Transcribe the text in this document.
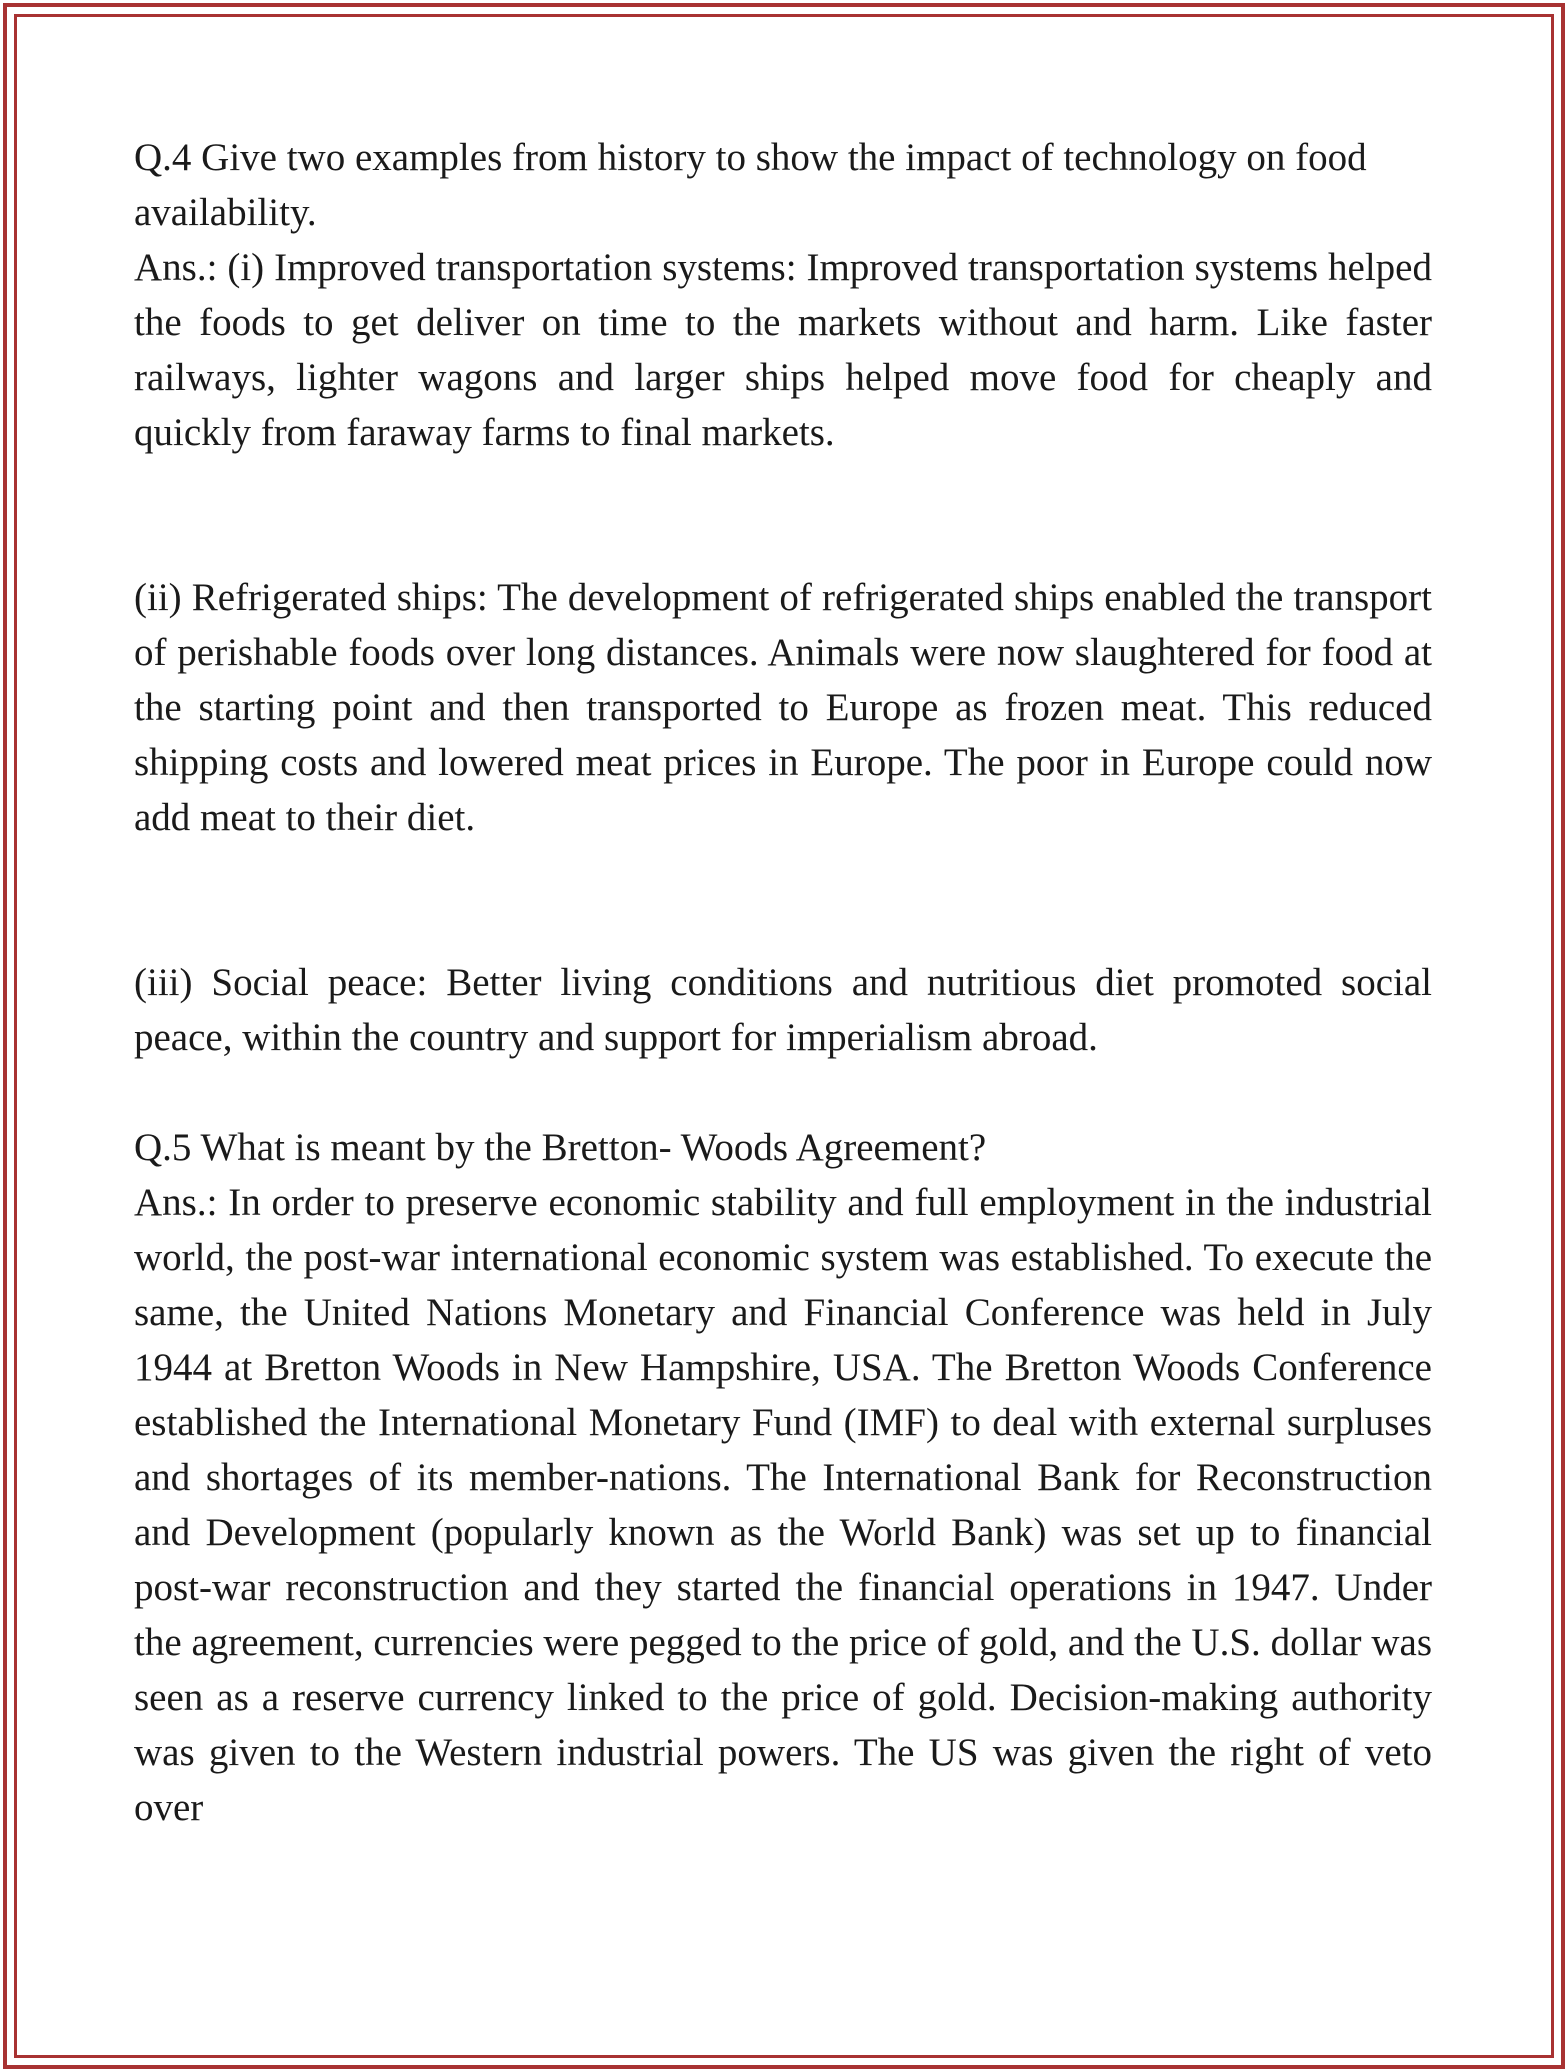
Q.4 Give two examples from history to show the impact of technology on food availability.

Ans.: (i) Improved transportation systems: Improved transportation systems helped the foods to get deliver on time to the markets without and harm. Like faster railways, lighter wagons and larger ships helped move food for cheaply and quickly from faraway farms to final markets.

(ii) Refrigerated ships: The development of refrigerated ships enabled the transport of perishable foods over long distances. Animals were now slaughtered for food at the starting point and then transported to Europe as frozen meat. This reduced shipping costs and lowered meat prices in Europe. The poor in Europe could now add meat to their diet.

(iii) Social peace: Better living conditions and nutritious diet promoted social peace, within the country and support for imperialism abroad.

Q.5 What is meant by the Bretton- Woods Agreement?

Ans.: In order to preserve economic stability and full employment in the industrial world, the post-war international economic system was established. To execute the same, the United Nations Monetary and Financial Conference was held in July 1944 at Bretton Woods in New Hampshire, USA. The Bretton Woods Conference established the International Monetary Fund (IMF) to deal with external surpluses and shortages of its member-nations. The International Bank for Reconstruction and Development (popularly known as the World Bank) was set up to financial post-war reconstruction and they started the financial operations in 1947. Under the agreement, currencies were pegged to the price of gold, and the U.S. dollar was seen as a reserve currency linked to the price of gold. Decision-making authority was given to the Western industrial powers. The US was given the right of veto over
